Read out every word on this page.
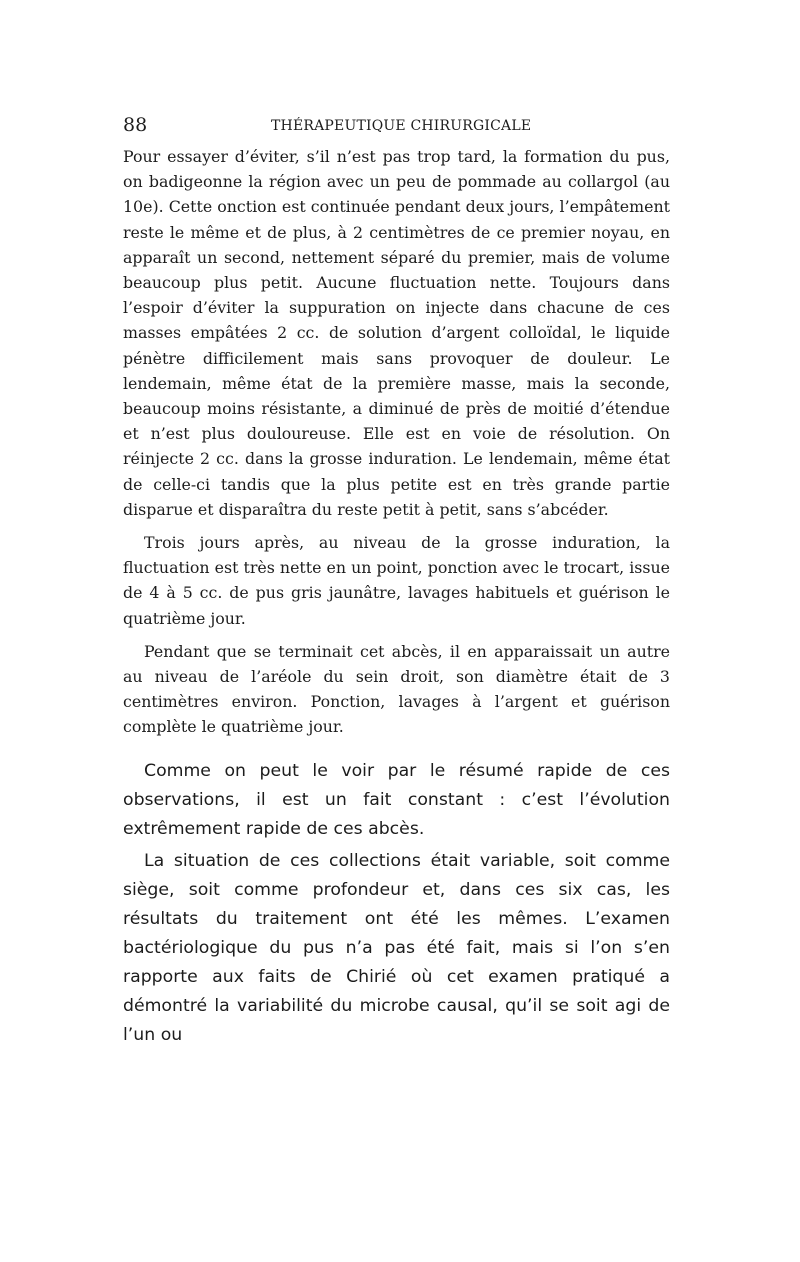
88	THÉRAPEUTIQUE CHIRURGICALE

Pour essayer d’éviter, s’il n’est pas trop tard, la formation du pus, on badigeonne la région avec un peu de pommade au collargol (au 10e). Cette onction est continuée pendant deux jours, l’empâtement reste le même et de plus, à 2 centimètres de ce premier noyau, en apparaît un second, nettement séparé du premier, mais de volume beaucoup plus petit. Aucune fluctuation nette. Toujours dans l’espoir d’éviter la suppuration on injecte dans chacune de ces masses empâtées 2 cc. de solution d’argent colloïdal, le liquide pénètre difficilement mais sans provoquer de douleur. Le lendemain, même état de la première masse, mais la seconde, beaucoup moins résistante, a diminué de près de moitié d’étendue et n’est plus douloureuse. Elle est en voie de résolution. On réinjecte 2 cc. dans la grosse induration. Le lendemain, même état de celle-ci tandis que la plus petite est en très grande partie disparue et disparaîtra du reste petit à petit, sans s’abcéder.

Trois jours après, au niveau de la grosse induration, la fluctuation est très nette en un point, ponction avec le trocart, issue de 4 à 5 cc. de pus gris jaunâtre, lavages habituels et guérison le quatrième jour.

Pendant que se terminait cet abcès, il en apparaissait un autre au niveau de l’aréole du sein droit, son diamètre était de 3 centimètres environ. Ponction, lavages à l’argent et guérison complète le quatrième jour.

Comme on peut le voir par le résumé rapide de ces observations, il est un fait constant : c’est l’évolution extrêmement rapide de ces abcès.

La situation de ces collections était variable, soit comme siège, soit comme profondeur et, dans ces six cas, les résultats du traitement ont été les mêmes. L’examen bactériologique du pus n’a pas été fait, mais si l’on s’en rapporte aux faits de Chirié où cet examen pratiqué a démontré la variabilité du microbe causal, qu’il se soit agi de l’un ou
